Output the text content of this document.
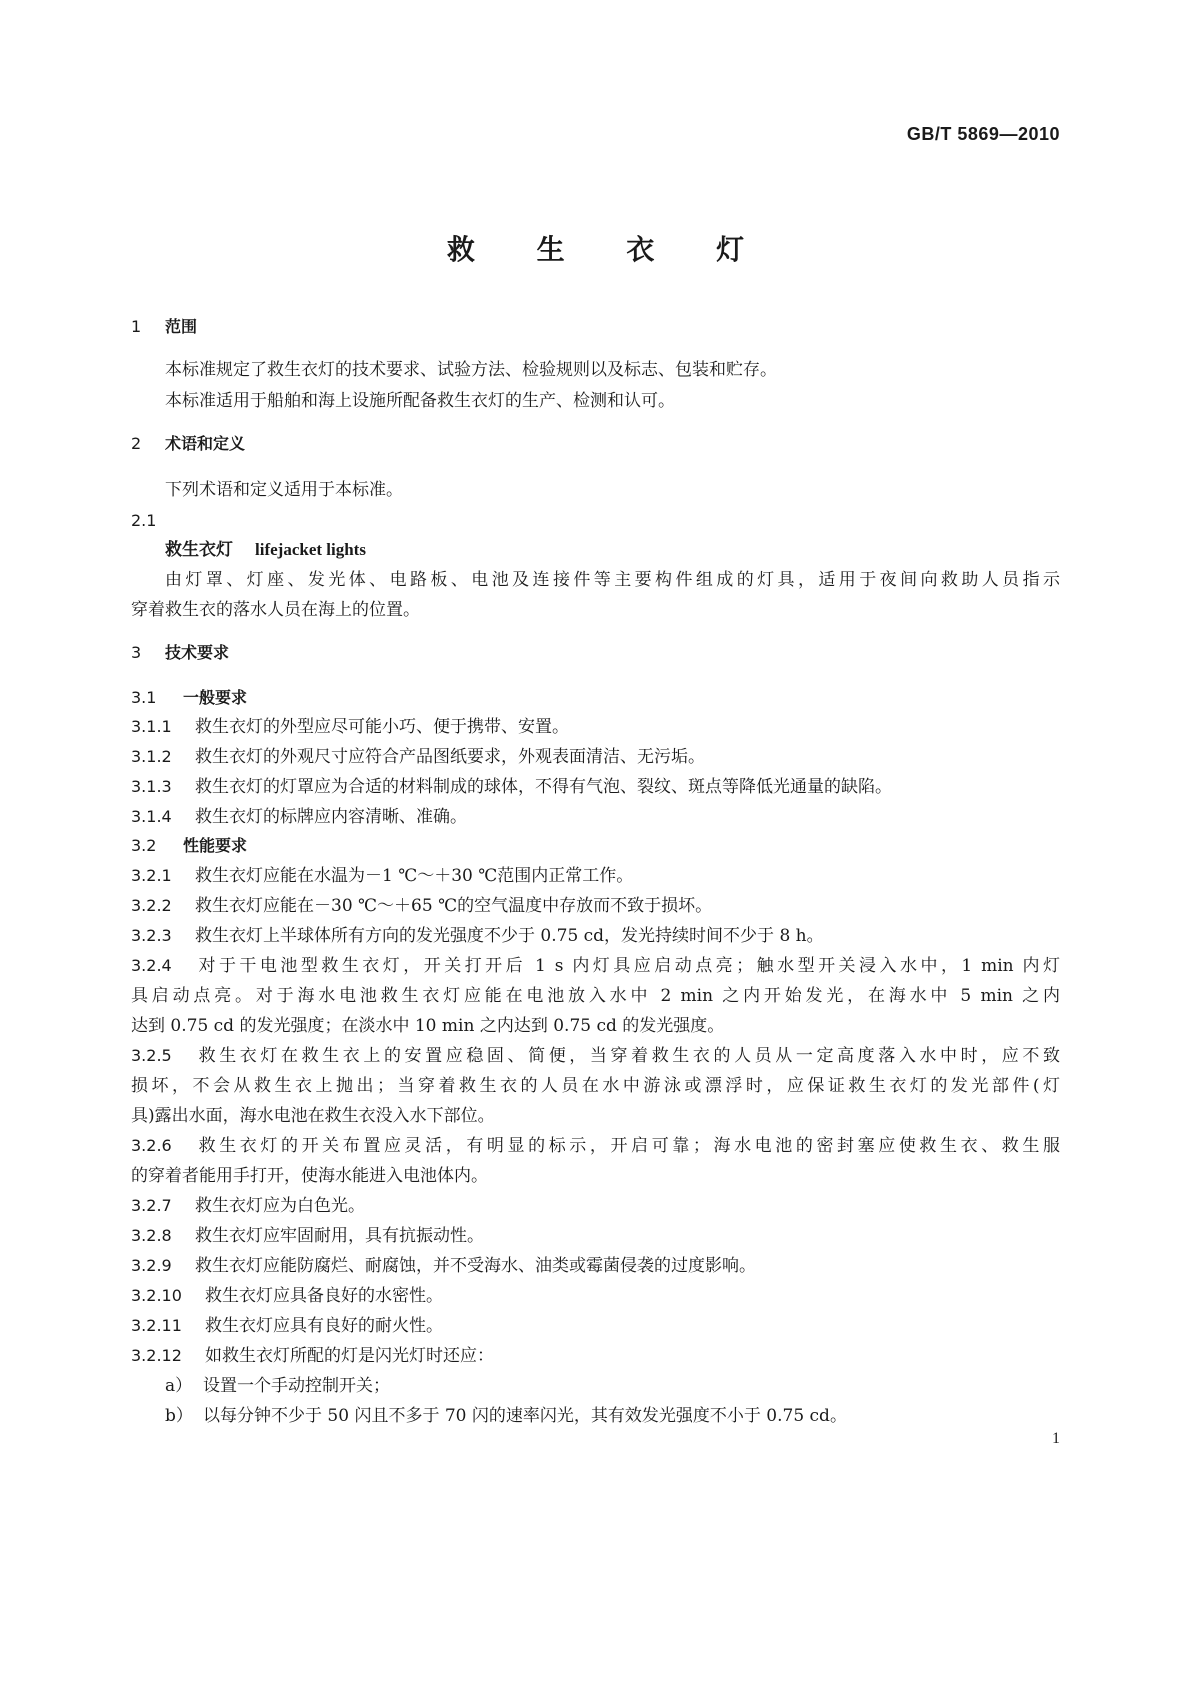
GB/T 5869—2010
救 生 衣 灯
1 范围
本标准规定了救生衣灯的技术要求、试验方法、检验规则以及标志、包装和贮存。
本标准适用于船舶和海上设施所配备救生衣灯的生产、检测和认可。
2 术语和定义
下列术语和定义适用于本标准。
2.1
救生衣灯 lifejacket lights
由灯罩、灯座、发光体、电路板、电池及连接件等主要构件组成的灯具，适用于夜间向救助人员指示
穿着救生衣的落水人员在海上的位置。
3 技术要求
3.1 一般要求
3.1.1 救生衣灯的外型应尽可能小巧、便于携带、安置。
3.1.2 救生衣灯的外观尺寸应符合产品图纸要求，外观表面清洁、无污垢。
3.1.3 救生衣灯的灯罩应为合适的材料制成的球体，不得有气泡、裂纹、斑点等降低光通量的缺陷。
3.1.4 救生衣灯的标牌应内容清晰、准确。
3.2 性能要求
3.2.1 救生衣灯应能在水温为－1 ℃～＋30 ℃范围内正常工作。
3.2.2 救生衣灯应能在－30 ℃～＋65 ℃的空气温度中存放而不致于损坏。
3.2.3 救生衣灯上半球体所有方向的发光强度不少于 0.75 cd，发光持续时间不少于 8 h。
3.2.4 对于干电池型救生衣灯，开关打开后 1 s 内灯具应启动点亮；触水型开关浸入水中，1 min 内灯
具启动点亮。对于海水电池救生衣灯应能在电池放入水中 2 min 之内开始发光，在海水中 5 min 之内
达到 0.75 cd 的发光强度；在淡水中 10 min 之内达到 0.75 cd 的发光强度。
3.2.5 救生衣灯在救生衣上的安置应稳固、简便，当穿着救生衣的人员从一定高度落入水中时，应不致
损坏，不会从救生衣上抛出；当穿着救生衣的人员在水中游泳或漂浮时，应保证救生衣灯的发光部件(灯
具)露出水面，海水电池在救生衣没入水下部位。
3.2.6 救生衣灯的开关布置应灵活，有明显的标示，开启可靠；海水电池的密封塞应使救生衣、救生服
的穿着者能用手打开，使海水能进入电池体内。
3.2.7 救生衣灯应为白色光。
3.2.8 救生衣灯应牢固耐用，具有抗振动性。
3.2.9 救生衣灯应能防腐烂、耐腐蚀，并不受海水、油类或霉菌侵袭的过度影响。
3.2.10 救生衣灯应具备良好的水密性。
3.2.11 救生衣灯应具有良好的耐火性。
3.2.12 如救生衣灯所配的灯是闪光灯时还应：
a） 设置一个手动控制开关；
b） 以每分钟不少于 50 闪且不多于 70 闪的速率闪光，其有效发光强度不小于 0.75 cd。
1
